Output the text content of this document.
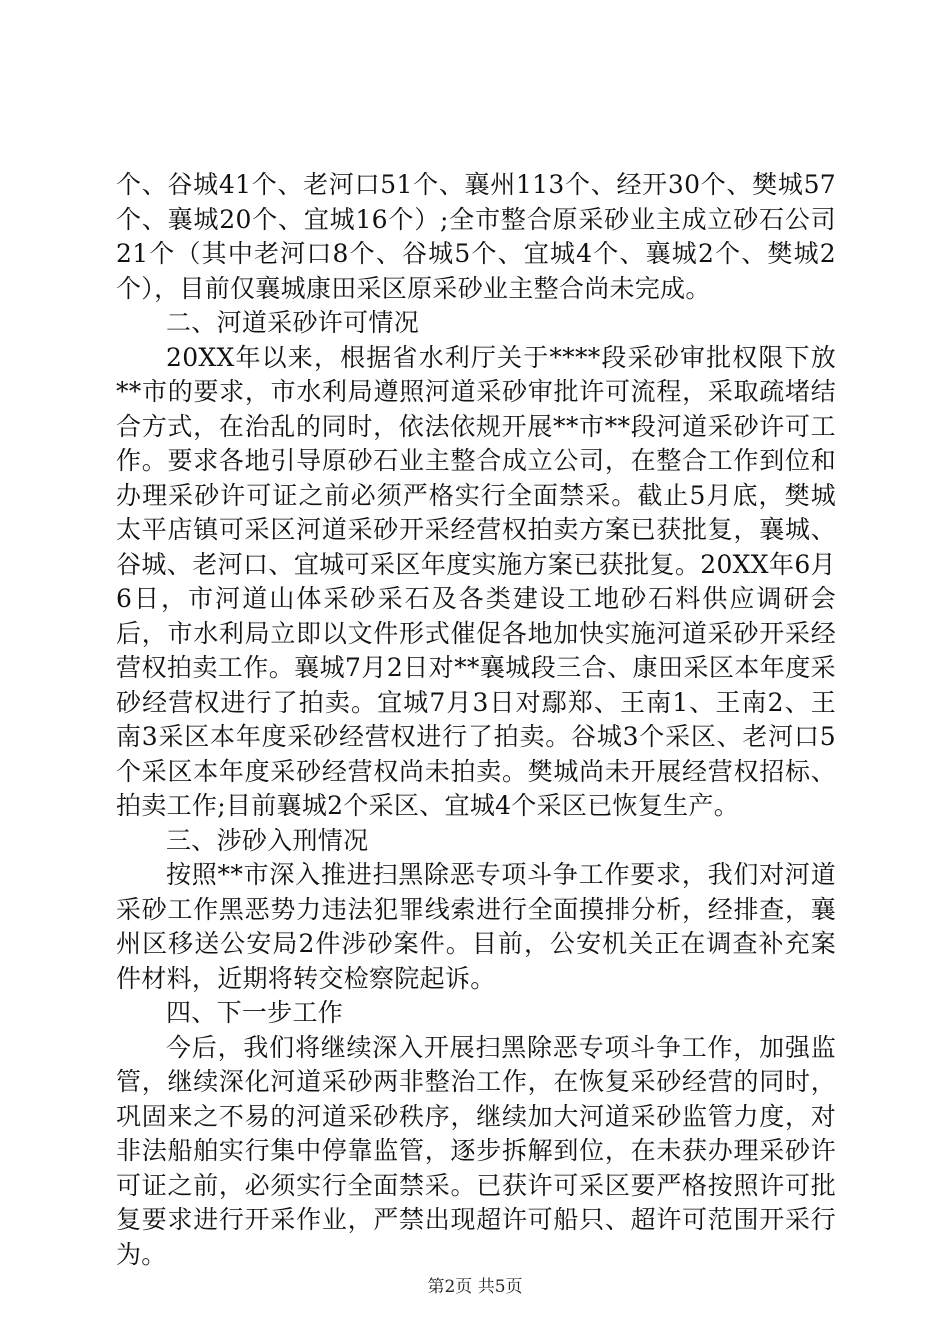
个、谷城41个、老河口51个、襄州113个、经开30个、樊城57个、襄城20个、宜城16个）;全市整合原采砂业主成立砂石公司21个（其中老河口8个、谷城5个、宜城4个、襄城2个、樊城2个），目前仅襄城康田采区原采砂业主整合尚未完成。

二、河道采砂许可情况

20XX年以来，根据省水利厅关于****段采砂审批权限下放**市的要求，市水利局遵照河道采砂审批许可流程，采取疏堵结合方式，在治乱的同时，依法依规开展**市**段河道采砂许可工作。要求各地引导原砂石业主整合成立公司，在整合工作到位和办理采砂许可证之前必须严格实行全面禁采。截止5月底，樊城太平店镇可采区河道采砂开采经营权拍卖方案已获批复，襄城、谷城、老河口、宜城可采区年度实施方案已获批复。20XX年6月6日，市河道山体采砂采石及各类建设工地砂石料供应调研会后，市水利局立即以文件形式催促各地加快实施河道采砂开采经营权拍卖工作。襄城7月2日对**襄城段三合、康田采区本年度采砂经营权进行了拍卖。宜城7月3日对鄢郑、王南1、王南2、王南3采区本年度采砂经营权进行了拍卖。谷城3个采区、老河口5个采区本年度采砂经营权尚未拍卖。樊城尚未开展经营权招标、拍卖工作;目前襄城2个采区、宜城4个采区已恢复生产。

三、涉砂入刑情况

按照**市深入推进扫黑除恶专项斗争工作要求，我们对河道采砂工作黑恶势力违法犯罪线索进行全面摸排分析，经排查，襄州区移送公安局2件涉砂案件。目前，公安机关正在调查补充案件材料，近期将转交检察院起诉。

四、下一步工作

今后，我们将继续深入开展扫黑除恶专项斗争工作，加强监管，继续深化河道采砂两非整治工作，在恢复采砂经营的同时，巩固来之不易的河道采砂秩序，继续加大河道采砂监管力度，对非法船舶实行集中停靠监管，逐步拆解到位，在未获办理采砂许可证之前，必须实行全面禁采。已获许可采区要严格按照许可批复要求进行开采作业，严禁出现超许可船只、超许可范围开采行为。

第2页 共5页
